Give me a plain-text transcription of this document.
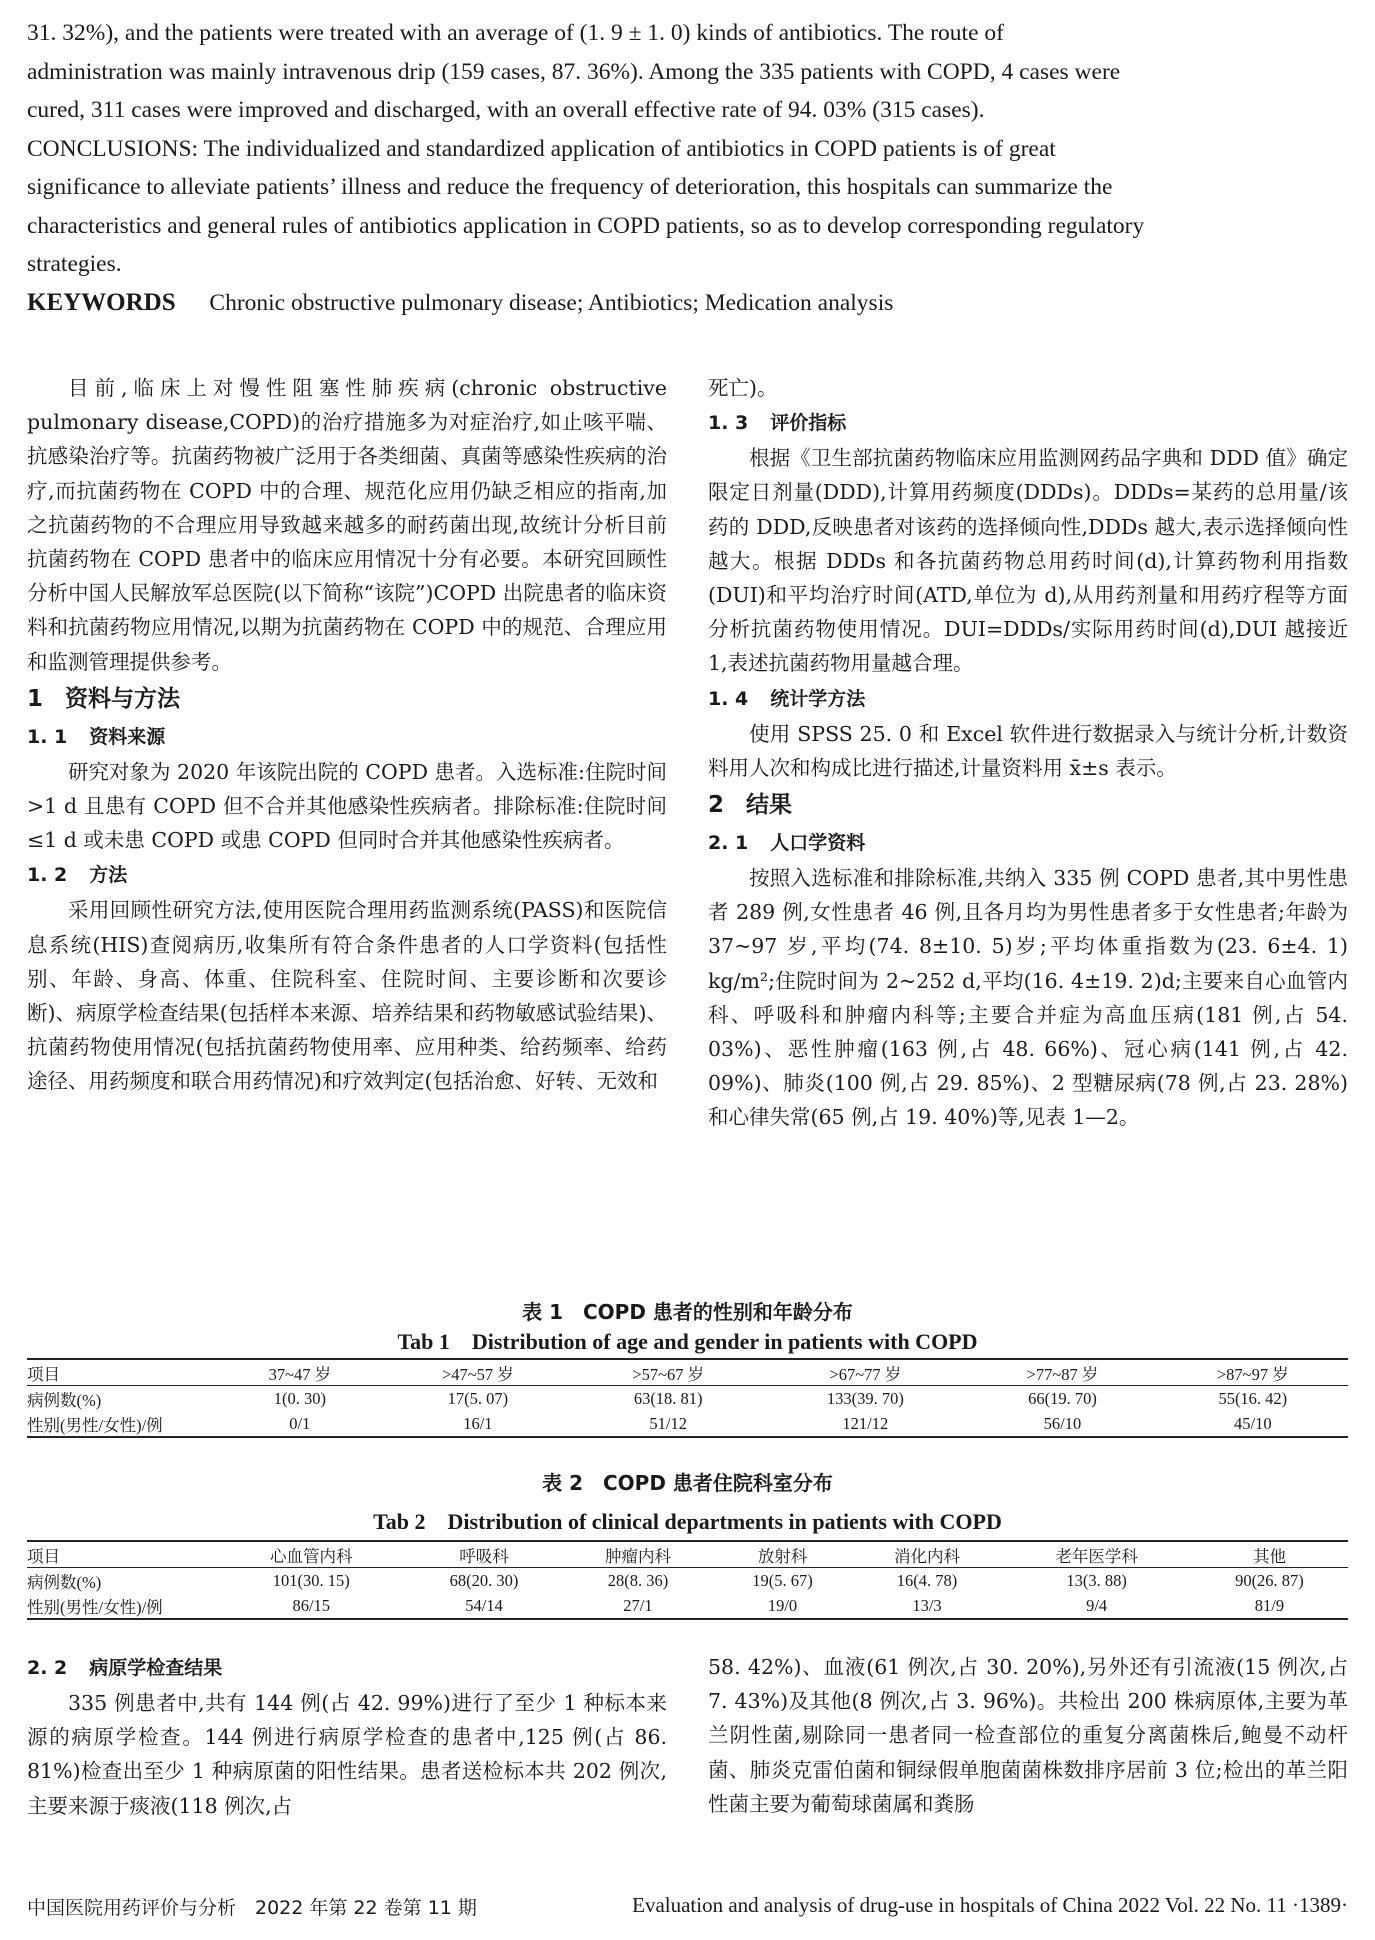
31. 32%), and the patients were treated with an average of (1. 9 ± 1. 0) kinds of antibiotics. The route of

administration was mainly intravenous drip (159 cases, 87. 36%). Among the 335 patients with COPD, 4 cases were

cured, 311 cases were improved and discharged, with an overall effective rate of 94. 03% (315 cases).

CONCLUSIONS: The individualized and standardized application of antibiotics in COPD patients is of great

significance to alleviate patients’ illness and reduce the frequency of deterioration, this hospitals can summarize the

characteristics and general rules of antibiotics application in COPD patients, so as to develop corresponding regulatory

strategies.

KEYWORDS Chronic obstructive pulmonary disease; Antibiotics; Medication analysis

目前,临床上对慢性阻塞性肺疾病(chronic obstructive pulmonary disease,COPD)的治疗措施多为对症治疗,如止咳平喘、抗感染治疗等。抗菌药物被广泛用于各类细菌、真菌等感染性疾病的治疗,而抗菌药物在 COPD 中的合理、规范化应用仍缺乏相应的指南,加之抗菌药物的不合理应用导致越来越多的耐药菌出现,故统计分析目前抗菌药物在 COPD 患者中的临床应用情况十分有必要。本研究回顾性分析中国人民解放军总医院(以下简称“该院”)COPD 出院患者的临床资料和抗菌药物应用情况,以期为抗菌药物在 COPD 中的规范、合理应用和监测管理提供参考。

1 资料与方法

1. 1 资料来源

研究对象为 2020 年该院出院的 COPD 患者。入选标准:住院时间>1 d 且患有 COPD 但不合并其他感染性疾病者。排除标准:住院时间≤1 d 或未患 COPD 或患 COPD 但同时合并其他感染性疾病者。

1. 2 方法

采用回顾性研究方法,使用医院合理用药监测系统(PASS)和医院信息系统(HIS)查阅病历,收集所有符合条件患者的人口学资料(包括性别、年龄、身高、体重、住院科室、住院时间、主要诊断和次要诊断)、病原学检查结果(包括样本来源、培养结果和药物敏感试验结果)、抗菌药物使用情况(包括抗菌药物使用率、应用种类、给药频率、给药途径、用药频度和联合用药情况)和疗效判定(包括治愈、好转、无效和

死亡)。

1. 3 评价指标

根据《卫生部抗菌药物临床应用监测网药品字典和 DDD 值》确定限定日剂量(DDD),计算用药频度(DDDs)。DDDs=某药的总用量/该药的 DDD,反映患者对该药的选择倾向性,DDDs 越大,表示选择倾向性越大。根据 DDDs 和各抗菌药物总用药时间(d),计算药物利用指数(DUI)和平均治疗时间(ATD,单位为 d),从用药剂量和用药疗程等方面分析抗菌药物使用情况。DUI=DDDs/实际用药时间(d),DUI 越接近 1,表述抗菌药物用量越合理。

1. 4 统计学方法

使用 SPSS 25. 0 和 Excel 软件进行数据录入与统计分析,计数资料用人次和构成比进行描述,计量资料用 x̄±s 表示。

2 结果

2. 1 人口学资料

按照入选标准和排除标准,共纳入 335 例 COPD 患者,其中男性患者 289 例,女性患者 46 例,且各月均为男性患者多于女性患者;年龄为 37~97 岁,平均(74. 8±10. 5)岁;平均体重指数为(23. 6±4. 1) kg/m²;住院时间为 2~252 d,平均(16. 4±19. 2)d;主要来自心血管内科、呼吸科和肿瘤内科等;主要合并症为高血压病(181 例,占 54. 03%)、恶性肿瘤(163 例,占 48. 66%)、冠心病(141 例,占 42. 09%)、肺炎(100 例,占 29. 85%)、2 型糖尿病(78 例,占 23. 28%)和心律失常(65 例,占 19. 40%)等,见表 1—2。

表 1　COPD 患者的性别和年龄分布
Tab 1　Distribution of age and gender in patients with COPD
项目	37~47 岁	>47~57 岁	>57~67 岁	>67~77 岁	>77~87 岁	>87~97 岁
病例数(%)	1(0. 30)	17(5. 07)	63(18. 81)	133(39. 70)	66(19. 70)	55(16. 42)
性别(男性/女性)/例	0/1	16/1	51/12	121/12	56/10	45/10
表 2　COPD 患者住院科室分布
Tab 2　Distribution of clinical departments in patients with COPD
项目	心血管内科	呼吸科	肿瘤内科	放射科	消化内科	老年医学科	其他
病例数(%)	101(30. 15)	68(20. 30)	28(8. 36)	19(5. 67)	16(4. 78)	13(3. 88)	90(26. 87)
性别(男性/女性)/例	86/15	54/14	27/1	19/0	13/3	9/4	81/9

2. 2 病原学检查结果

335 例患者中,共有 144 例(占 42. 99%)进行了至少 1 种标本来源的病原学检查。144 例进行病原学检查的患者中,125 例(占 86. 81%)检查出至少 1 种病原菌的阳性结果。患者送检标本共 202 例次,主要来源于痰液(118 例次,占

58. 42%)、血液(61 例次,占 30. 20%),另外还有引流液(15 例次,占 7. 43%)及其他(8 例次,占 3. 96%)。共检出 200 株病原体,主要为革兰阴性菌,剔除同一患者同一检查部位的重复分离菌株后,鲍曼不动杆菌、肺炎克雷伯菌和铜绿假单胞菌菌株数排序居前 3 位;检出的革兰阳性菌主要为葡萄球菌属和粪肠

中国医院用药评价与分析　2022 年第 22 卷第 11 期	Evaluation and analysis of drug-use in hospitals of China 2022 Vol. 22 No. 11 ·1389·
